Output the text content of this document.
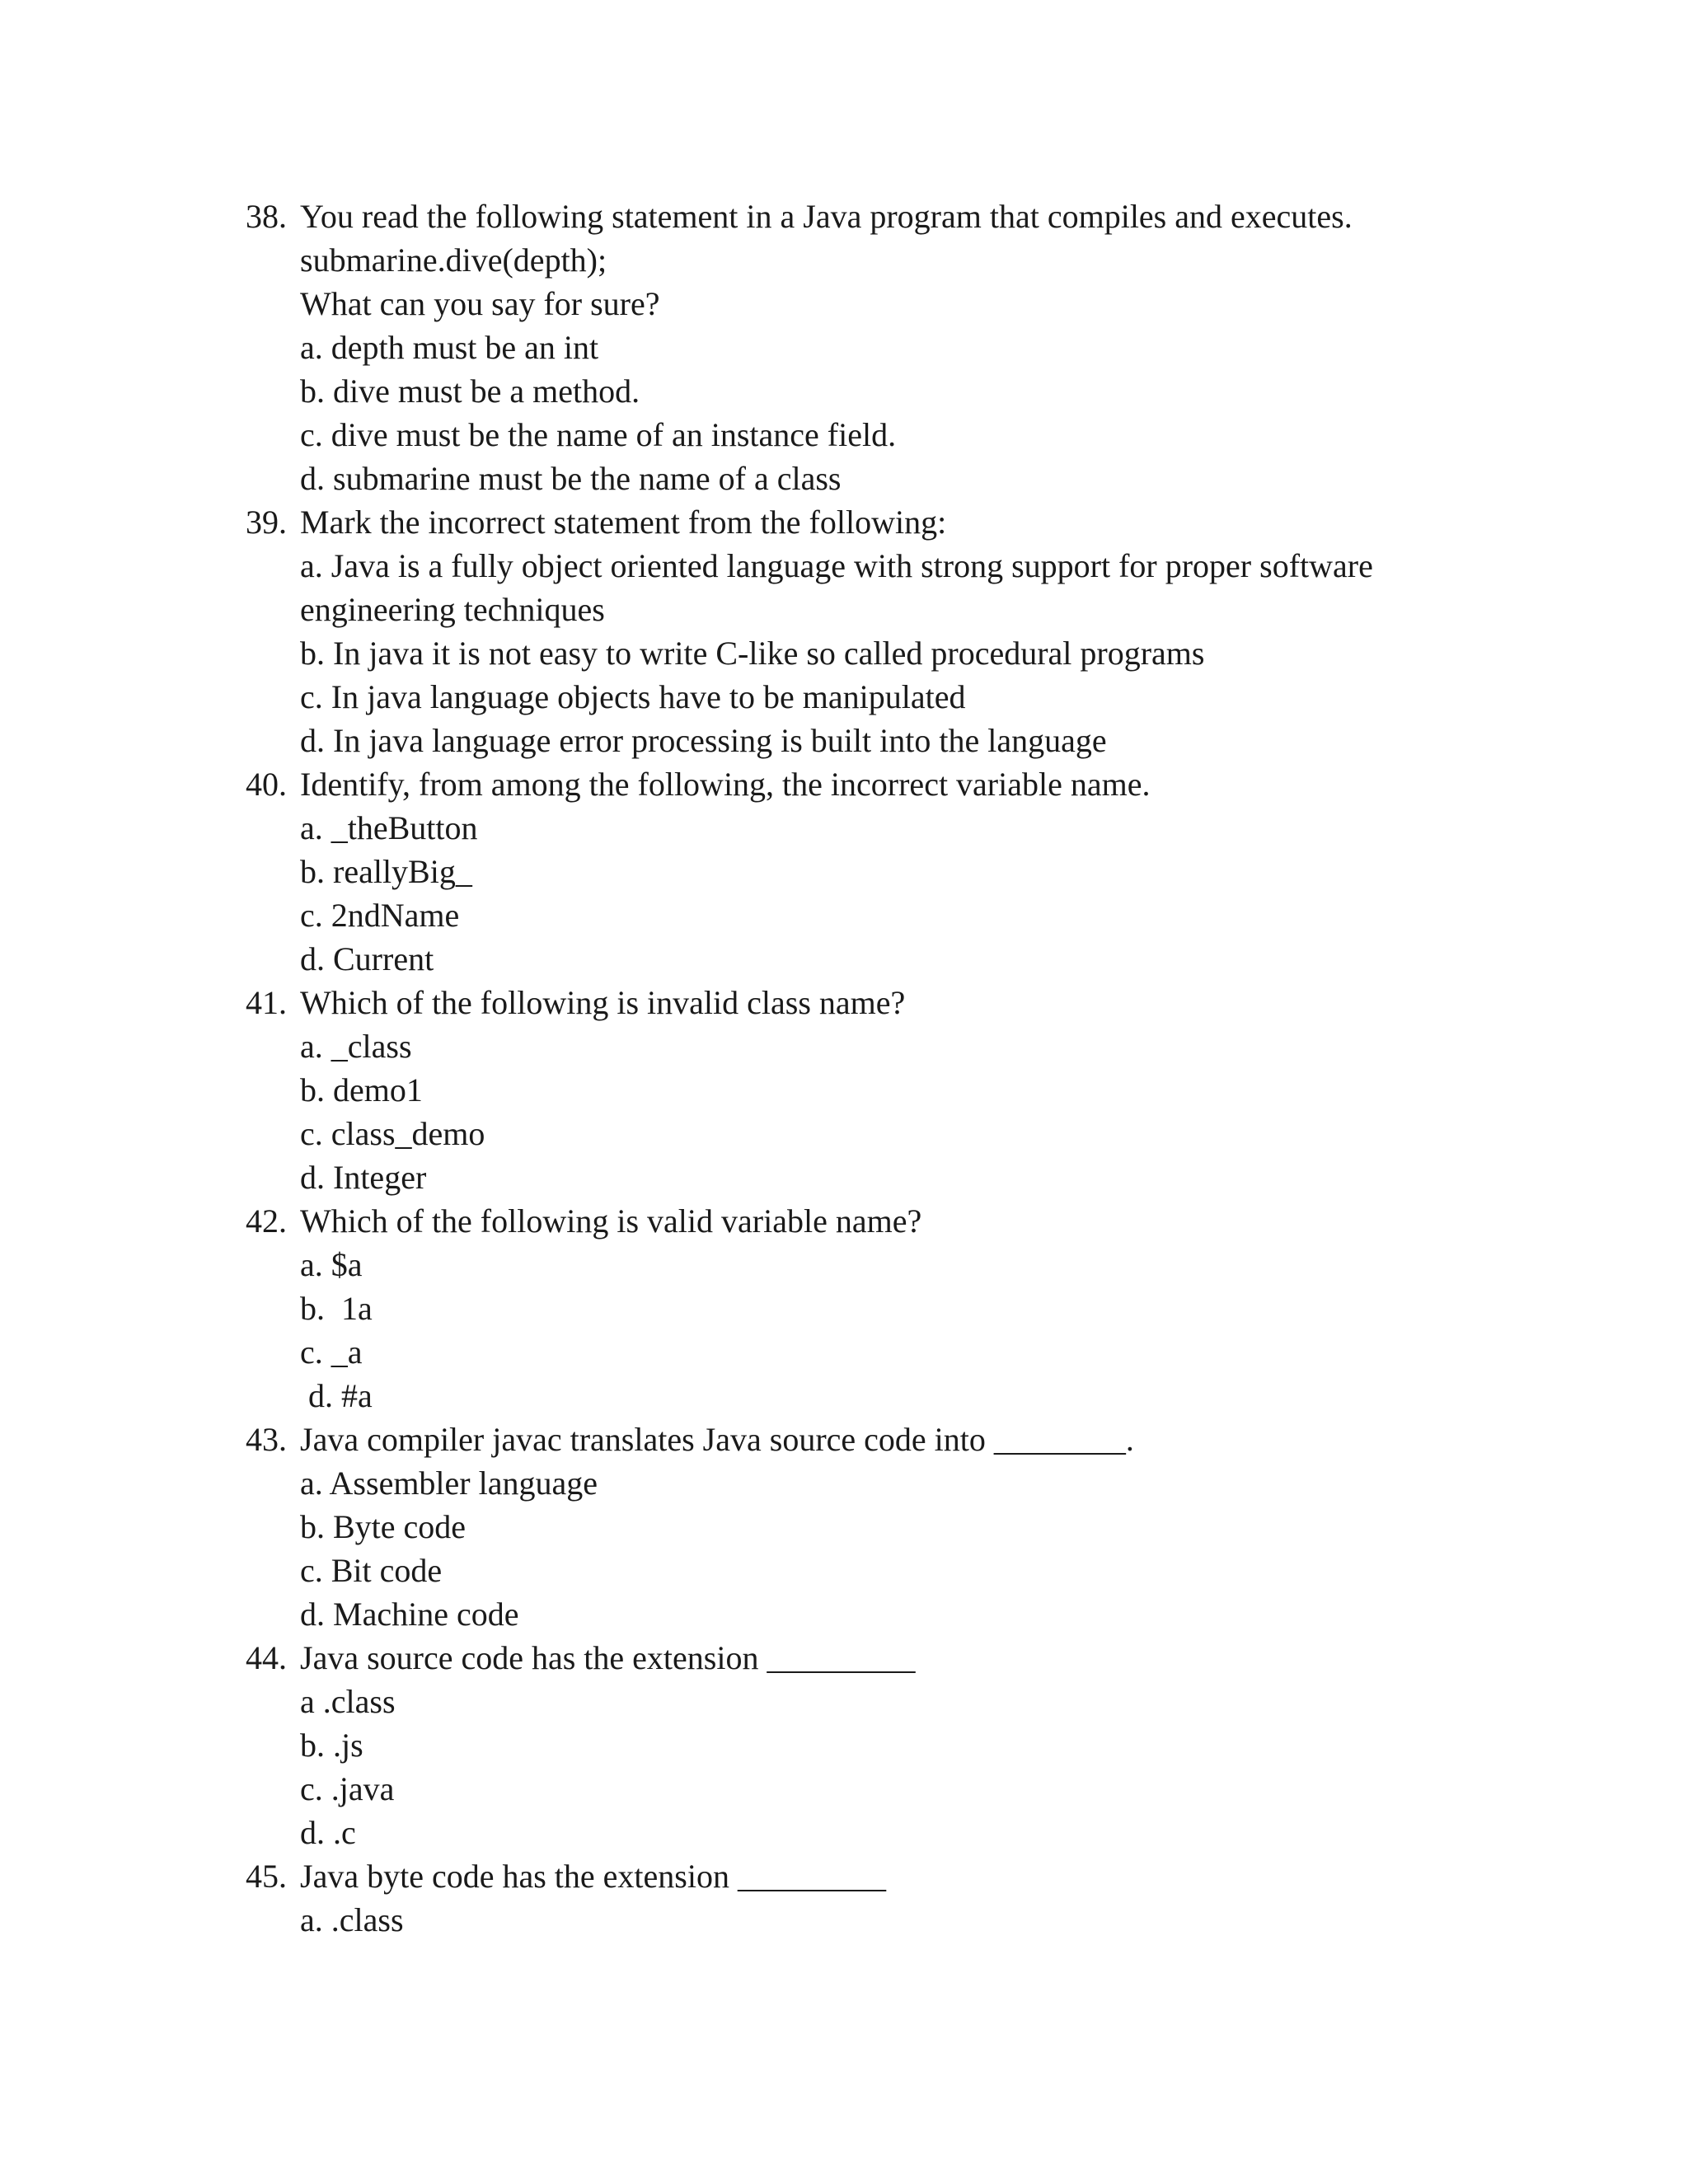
38. You read the following statement in a Java program that compiles and executes.
submarine.dive(depth);
What can you say for sure?
a. depth must be an int
b. dive must be a method.
c. dive must be the name of an instance field.
d. submarine must be the name of a class
39. Mark the incorrect statement from the following:
a. Java is a fully object oriented language with strong support for proper software engineering techniques
b. In java it is not easy to write C-like so called procedural programs
c. In java language objects have to be manipulated
d. In java language error processing is built into the language
40. Identify, from among the following, the incorrect variable name.
a. _theButton
b. reallyBig_
c. 2ndName
d. Current
41. Which of the following is invalid class name?
a. _class
b. demo1
c. class_demo
d. Integer
42. Which of the following is valid variable name?
a. $a
b.  1a
c. _a
d. #a
43. Java compiler javac translates Java source code into ________.
a. Assembler language
b. Byte code
c. Bit code
d. Machine code
44. Java source code has the extension _________
a .class
b. .js
c. .java
d. .c
45. Java byte code has the extension _________
a. .class
